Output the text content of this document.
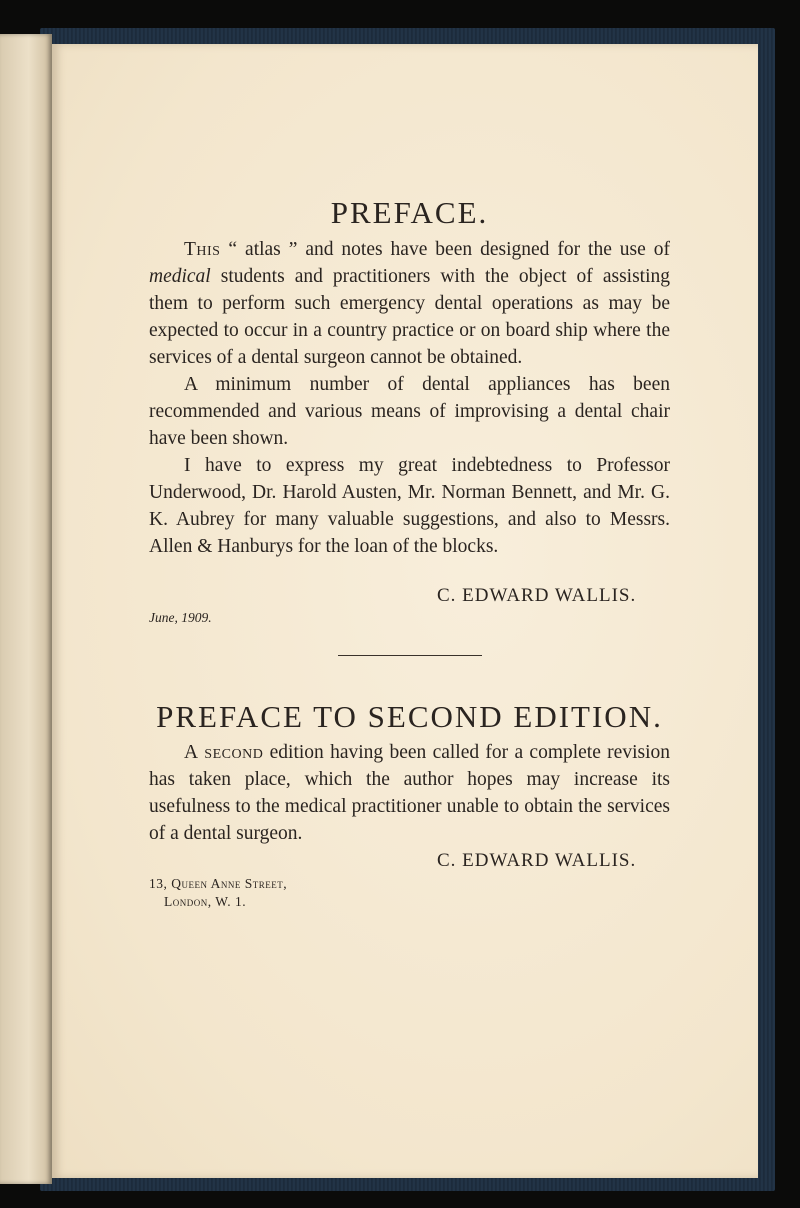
PREFACE.

This “ atlas ” and notes have been designed for the use of medical students and practitioners with the object of assisting them to perform such emergency dental operations as may be expected to occur in a country practice or on board ship where the services of a dental surgeon cannot be obtained.

A minimum number of dental appliances has been recommended and various means of improvising a dental chair have been shown.

I have to express my great indebtedness to Professor Underwood, Dr. Harold Austen, Mr. Norman Bennett, and Mr. G. K. Aubrey for many valuable suggestions, and also to Messrs. Allen & Hanburys for the loan of the blocks.

C. EDWARD WALLIS.

June, 1909.

PREFACE TO SECOND EDITION.

A second edition having been called for a complete revision has taken place, which the author hopes may increase its usefulness to the medical practitioner unable to obtain the services of a dental surgeon.

C. EDWARD WALLIS.

13, Queen Anne Street,

London, W. 1.
